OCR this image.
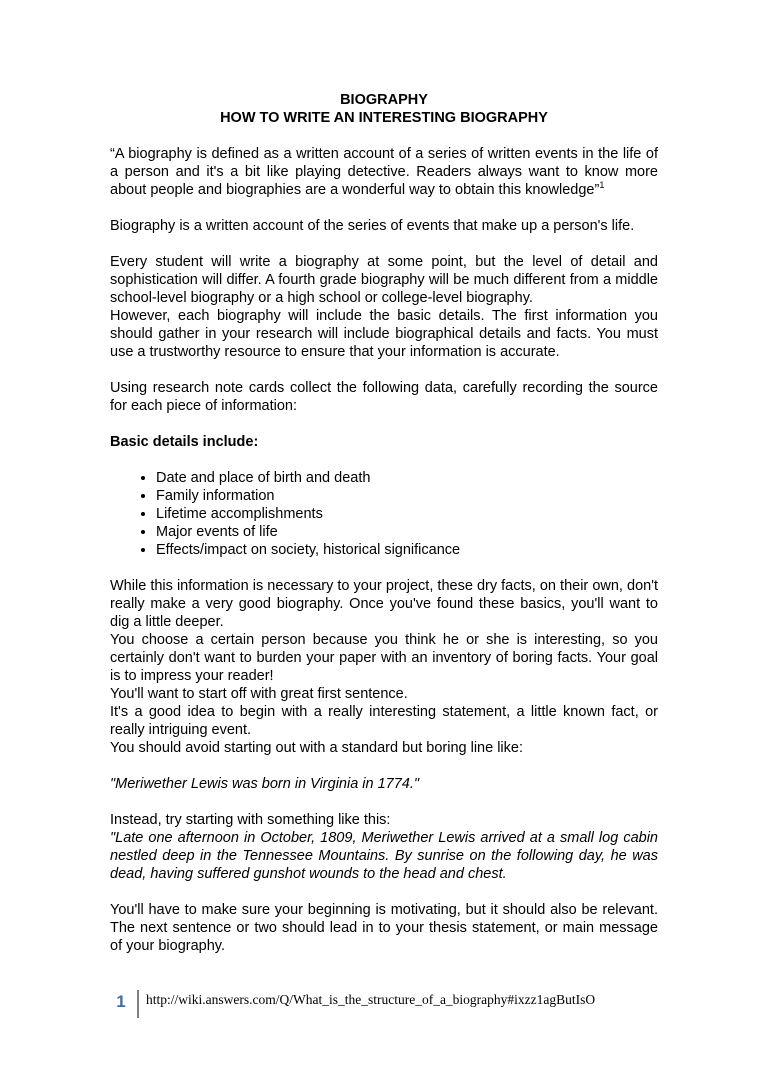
BIOGRAPHY

HOW TO WRITE AN INTERESTING BIOGRAPHY

“A biography is defined as a written account of a series of written events in the life of a person and it's a bit like playing detective. Readers always want to know more about people and biographies are a wonderful way to obtain this knowledge”$^1$

Biography is a written account of the series of events that make up a person's life.

Every student will write a biography at some point, but the level of detail and sophistication will differ. A fourth grade biography will be much different from a middle school-level biography or a high school or college-level biography.
However, each biography will include the basic details. The first information you should gather in your research will include biographical details and facts. You must use a trustworthy resource to ensure that your information is accurate.

Using research note cards collect the following data, carefully recording the source for each piece of information:

Basic details include:

• Date and place of birth and death
• Family information
• Lifetime accomplishments
• Major events of life
• Effects/impact on society, historical significance
While this information is necessary to your project, these dry facts, on their own, don't really make a very good biography. Once you've found these basics, you'll want to dig a little deeper.
You choose a certain person because you think he or she is interesting, so you certainly don't want to burden your paper with an inventory of boring facts. Your goal is to impress your reader!
You'll want to start off with great first sentence.
It's a good idea to begin with a really interesting statement, a little known fact, or really intriguing event.
You should avoid starting out with a standard but boring line like:

"Meriwether Lewis was born in Virginia in 1774."

Instead, try starting with something like this:
"Late one afternoon in October, 1809, Meriwether Lewis arrived at a small log cabin nestled deep in the Tennessee Mountains. By sunrise on the following day, he was dead, having suffered gunshot wounds to the head and chest.

You'll have to make sure your beginning is motivating, but it should also be relevant. The next sentence or two should lead in to your thesis statement, or main message of your biography.

1	http://wiki.answers.com/Q/What_is_the_structure_of_a_biography#ixzz1agButIsO
